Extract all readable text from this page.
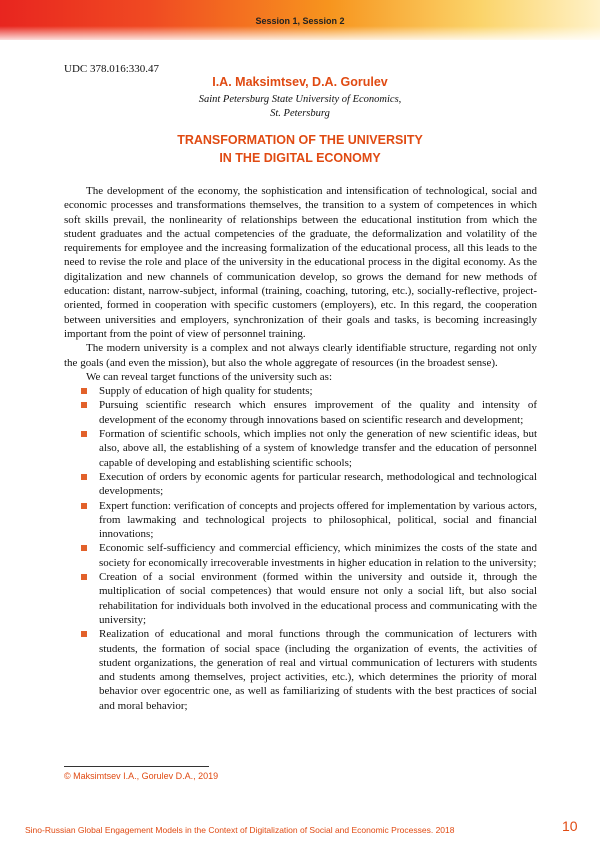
Session 1, Session 2
UDC 378.016:330.47
I.A. Maksimtsev, D.A. Gorulev
Saint Petersburg State University of Economics,
St. Petersburg
TRANSFORMATION OF THE UNIVERSITY
IN THE DIGITAL ECONOMY

The development of the economy, the sophistication and intensification of technological, social and economic processes and transformations themselves, the transition to a system of competences in which soft skills prevail, the nonlinearity of relationships between the educational institution from which the student graduates and the actual competencies of the graduate, the deformalization and volatility of the requirements for employee and the increasing formalization of the educational process, all this leads to the need to revise the role and place of the university in the educational process in the digital economy. As the digitalization and new channels of communication develop, so grows the demand for new methods of education: distant, narrow-subject, informal (training, coaching, tutoring, etc.), socially-reflective, project-oriented, formed in cooperation with specific customers (employers), etc. In this regard, the cooperation between universities and employers, synchronization of their goals and tasks, is becoming increasingly important from the point of view of personnel training.

The modern university is a complex and not always clearly identifiable structure, regarding not only the goals (and even the mission), but also the whole aggregate of resources (in the broadest sense).

We can reveal target functions of the university such as:

Supply of education of high quality for students;
Pursuing scientific research which ensures improvement of the quality and intensity of development of the economy through innovations based on scientific research and development;
Formation of scientific schools, which implies not only the generation of new scientific ideas, but also, above all, the establishing of a system of knowledge transfer and the education of personnel capable of developing and establishing scientific schools;
Execution of orders by economic agents for particular research, methodological and technological developments;
Expert function: verification of concepts and projects offered for implementation by various actors, from lawmaking and technological projects to philosophical, political, social and financial innovations;
Economic self-sufficiency and commercial efficiency, which minimizes the costs of the state and society for economically irrecoverable investments in higher education in relation to the university;
Creation of a social environment (formed within the university and outside it, through the multiplication of social competences) that would ensure not only a social lift, but also social rehabilitation for individuals both involved in the educational process and communicating with the university;
Realization of educational and moral functions through the communication of lecturers with students, the formation of social space (including the organization of events, the activities of student organizations, the generation of real and virtual communication of lecturers with students and students among themselves, project activities, etc.), which determines the priority of moral behavior over egocentric one, as well as familiarizing of students with the best practices of social and moral behavior;
© Maksimtsev I.A., Gorulev D.A., 2019
Sino-Russian Global Engagement Models in the Context of Digitalization of Social and Economic Processes. 2018	10
